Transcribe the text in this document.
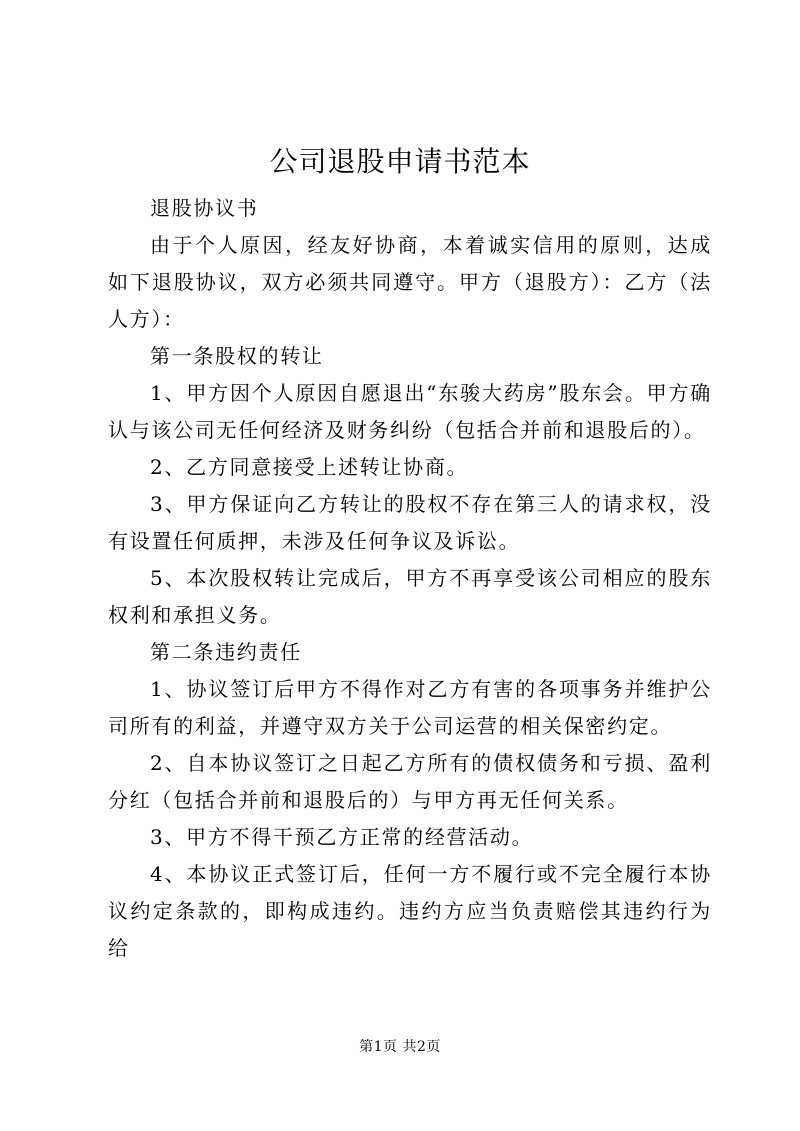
公司退股申请书范本

退股协议书

由于个人原因，经友好协商，本着诚实信用的原则，达成如下退股协议，双方必须共同遵守。甲方（退股方）：乙方（法人方）：

第一条股权的转让

1、甲方因个人原因自愿退出“东骏大药房”股东会。甲方确认与该公司无任何经济及财务纠纷（包括合并前和退股后的）。

2、乙方同意接受上述转让协商。

3、甲方保证向乙方转让的股权不存在第三人的请求权，没有设置任何质押，未涉及任何争议及诉讼。

5、本次股权转让完成后，甲方不再享受该公司相应的股东权利和承担义务。

第二条违约责任

1、协议签订后甲方不得作对乙方有害的各项事务并维护公司所有的利益，并遵守双方关于公司运营的相关保密约定。

2、自本协议签订之日起乙方所有的债权债务和亏损、盈利分红（包括合并前和退股后的）与甲方再无任何关系。

3、甲方不得干预乙方正常的经营活动。

4、本协议正式签订后，任何一方不履行或不完全履行本协议约定条款的，即构成违约。违约方应当负责赔偿其违约行为给

第1页 共2页
